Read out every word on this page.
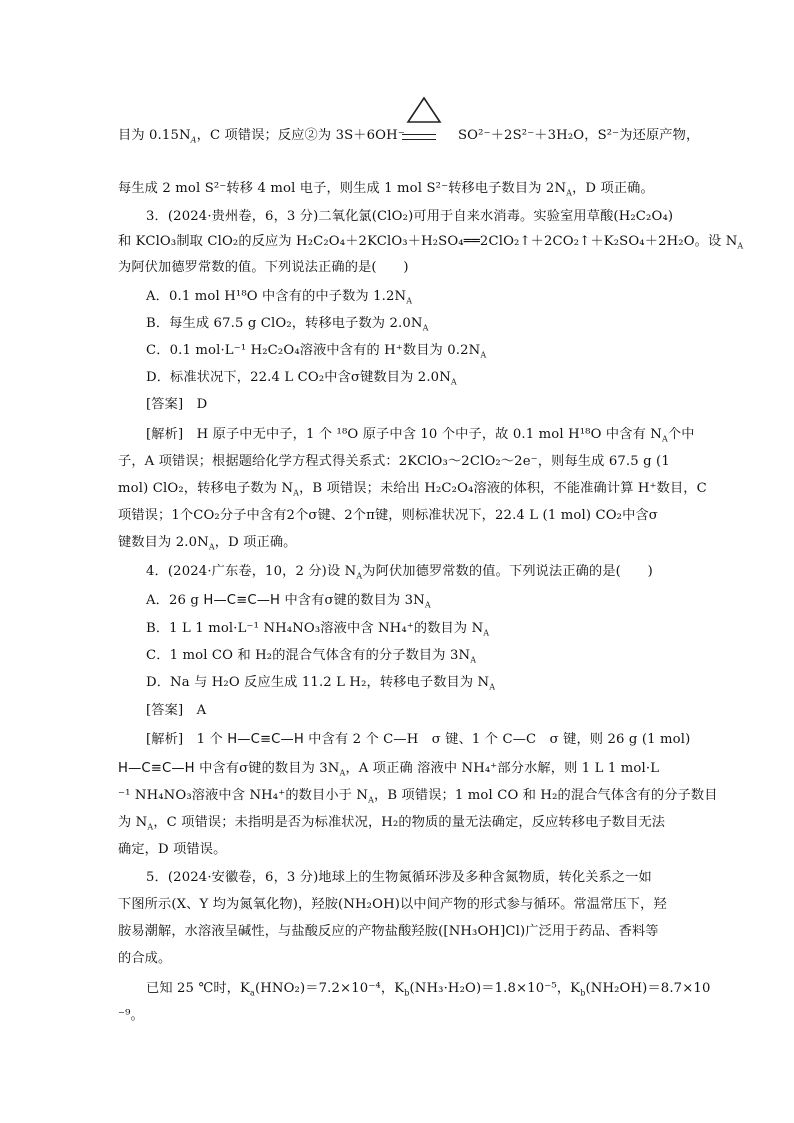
目为 $0.15N_A$，C 项错误；反应②为 3S＋6OH⁻	SO²⁻＋2S²⁻＋3H₂O，S²⁻为还原产物，
每生成 2 mol S²⁻转移 4 mol 电子，则生成 1 mol S²⁻转移电子数目为 $2N_A$，D 项正确。
3．(2024·贵州卷，6，3 分)二氧化氯(ClO₂)可用于自来水消毒。实验室用草酸(H₂C₂O₄)
和 KClO₃制取 ClO₂的反应为 H₂C₂O₄＋2KClO₃＋H₂SO₄══2ClO₂↑＋2CO₂↑＋K₂SO₄＋2H₂O。设 $N_A$
为阿伏加德罗常数的值。下列说法正确的是(　　)
A．0.1 mol H¹⁸O 中含有的中子数为 $1.2N_A$
B．每生成 67.5 g ClO₂，转移电子数为 $2.0N_A$
C．0.1 mol·L⁻¹ H₂C₂O₄溶液中含有的 H⁺数目为 $0.2N_A$
D．标准状况下，22.4 L CO₂中含σ键数目为 $2.0N_A$
[答案]　 D
[解析]　 H 原子中无中子，1 个 ¹⁸O 原子中含 10 个中子，故 0.1 mol H¹⁸O 中含有 $N_A$个中
子，A 项错误；根据题给化学方程式得关系式：2KClO₃～2ClO₂～2e⁻，则每生成 67.5 g (1
mol) ClO₂，转移电子数为 $N_A$，B 项错误；未给出 H₂C₂O₄溶液的体积，不能准确计算 H⁺数目，C
项错误；1个CO₂分子中含有2个σ键、2个π键，则标准状况下，22.4 L (1 mol) CO₂中含σ
键数目为 $2.0N_A$，D 项正确。
4．(2024·广东卷，10，2 分)设 $N_A$为阿伏加德罗常数的值。下列说法正确的是(　　)
A．26 g H—C≡C—H 中含有σ键的数目为 $3N_A$
B．1 L 1 mol·L⁻¹ NH₄NO₃溶液中含 NH₄⁺的数目为 $N_A$
C．1 mol CO 和 H₂的混合气体含有的分子数目为 $3N_A$
D．Na 与 H₂O 反应生成 11.2 L H₂，转移电子数目为 $N_A$
[答案]　 A
[解析]　 1 个 H—C≡C—H 中含有 2 个 C—H　σ 键、1 个 C—C　σ 键，则 26 g (1 mol)
H—C≡C—H 中含有σ键的数目为 $3N_A$，A 项正确 溶液中 NH₄⁺部分水解，则 1 L 1 mol·L
⁻¹ NH₄NO₃溶液中含 NH₄⁺的数目小于 $N_A$，B 项错误；1 mol CO 和 H₂的混合气体含有的分子数目
为 $N_A$，C 项错误；未指明是否为标准状况，H₂的物质的量无法确定，反应转移电子数目无法
确定，D 项错误。
5．(2024·安徽卷，6，3 分)地球上的生物氮循环涉及多种含氮物质，转化关系之一如
下图所示(X、Y 均为氮氧化物)，羟胺(NH₂OH)以中间产物的形式参与循环。常温常压下，羟
胺易潮解，水溶液呈碱性，与盐酸反应的产物盐酸羟胺([NH₃OH]Cl)广泛用于药品、香料等
的合成。
已知 25 ℃时，$K_a(HNO_2)=7.2\times 10^{-4}$，$K_b(NH_3\cdot H_2O)=1.8\times 10^{-5}$，$K_b(NH_2OH)=8.7\times 10$
⁻⁹。
